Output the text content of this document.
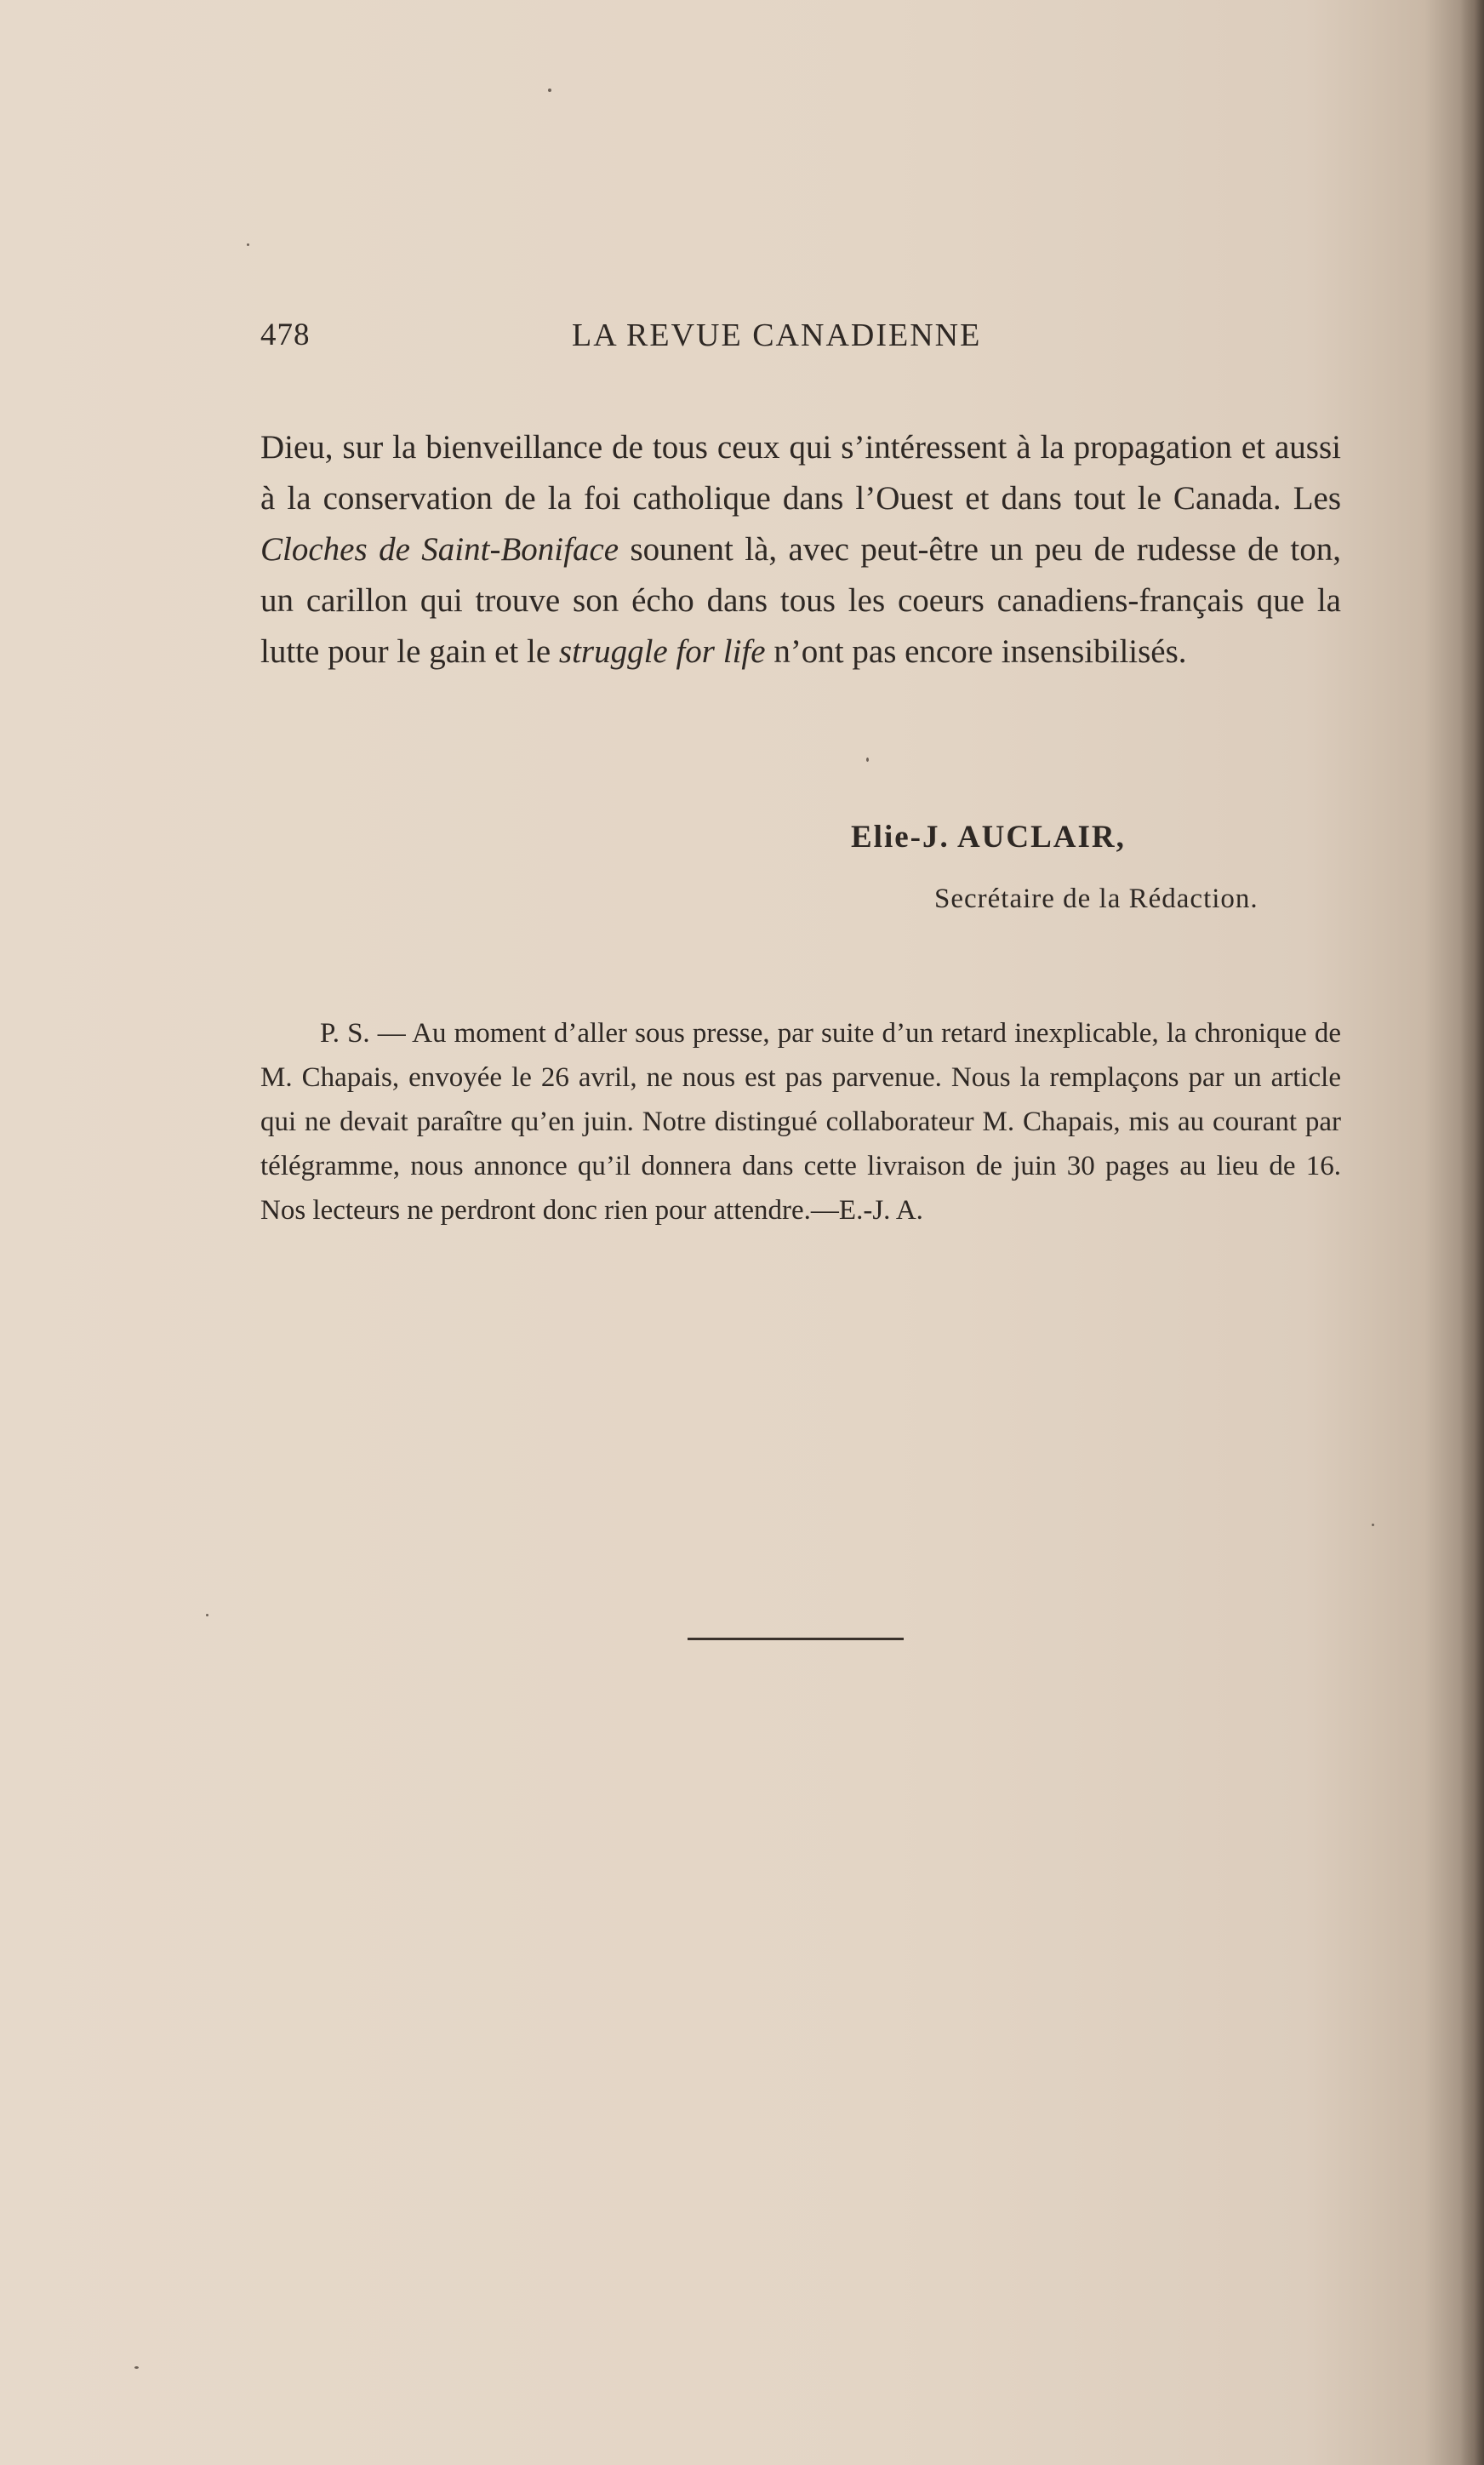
478	LA REVUE CANADIENNE

Dieu, sur la bienveillance de tous ceux qui s’intéressent à la propagation et aussi à la conservation de la foi catholique dans l’Ouest et dans tout le Canada. Les Cloches de Saint-Boniface sounent là, avec peut-être un peu de rudesse de ton, un carillon qui trouve son écho dans tous les coeurs canadiens-français que la lutte pour le gain et le struggle for life n’ont pas encore insensibilisés.

Elie-J. AUCLAIR,
Secrétaire de la Rédaction.

P. S. — Au moment d’aller sous presse, par suite d’un retard inexplicable, la chronique de M. Chapais, envoyée le 26 avril, ne nous est pas parvenue. Nous la remplaçons par un article qui ne devait paraître qu’en juin. Notre distingué collaborateur M. Chapais, mis au courant par télégramme, nous annonce qu’il donnera dans cette livraison de juin 30 pages au lieu de 16. Nos lecteurs ne perdront donc rien pour attendre.—E.-J. A.
